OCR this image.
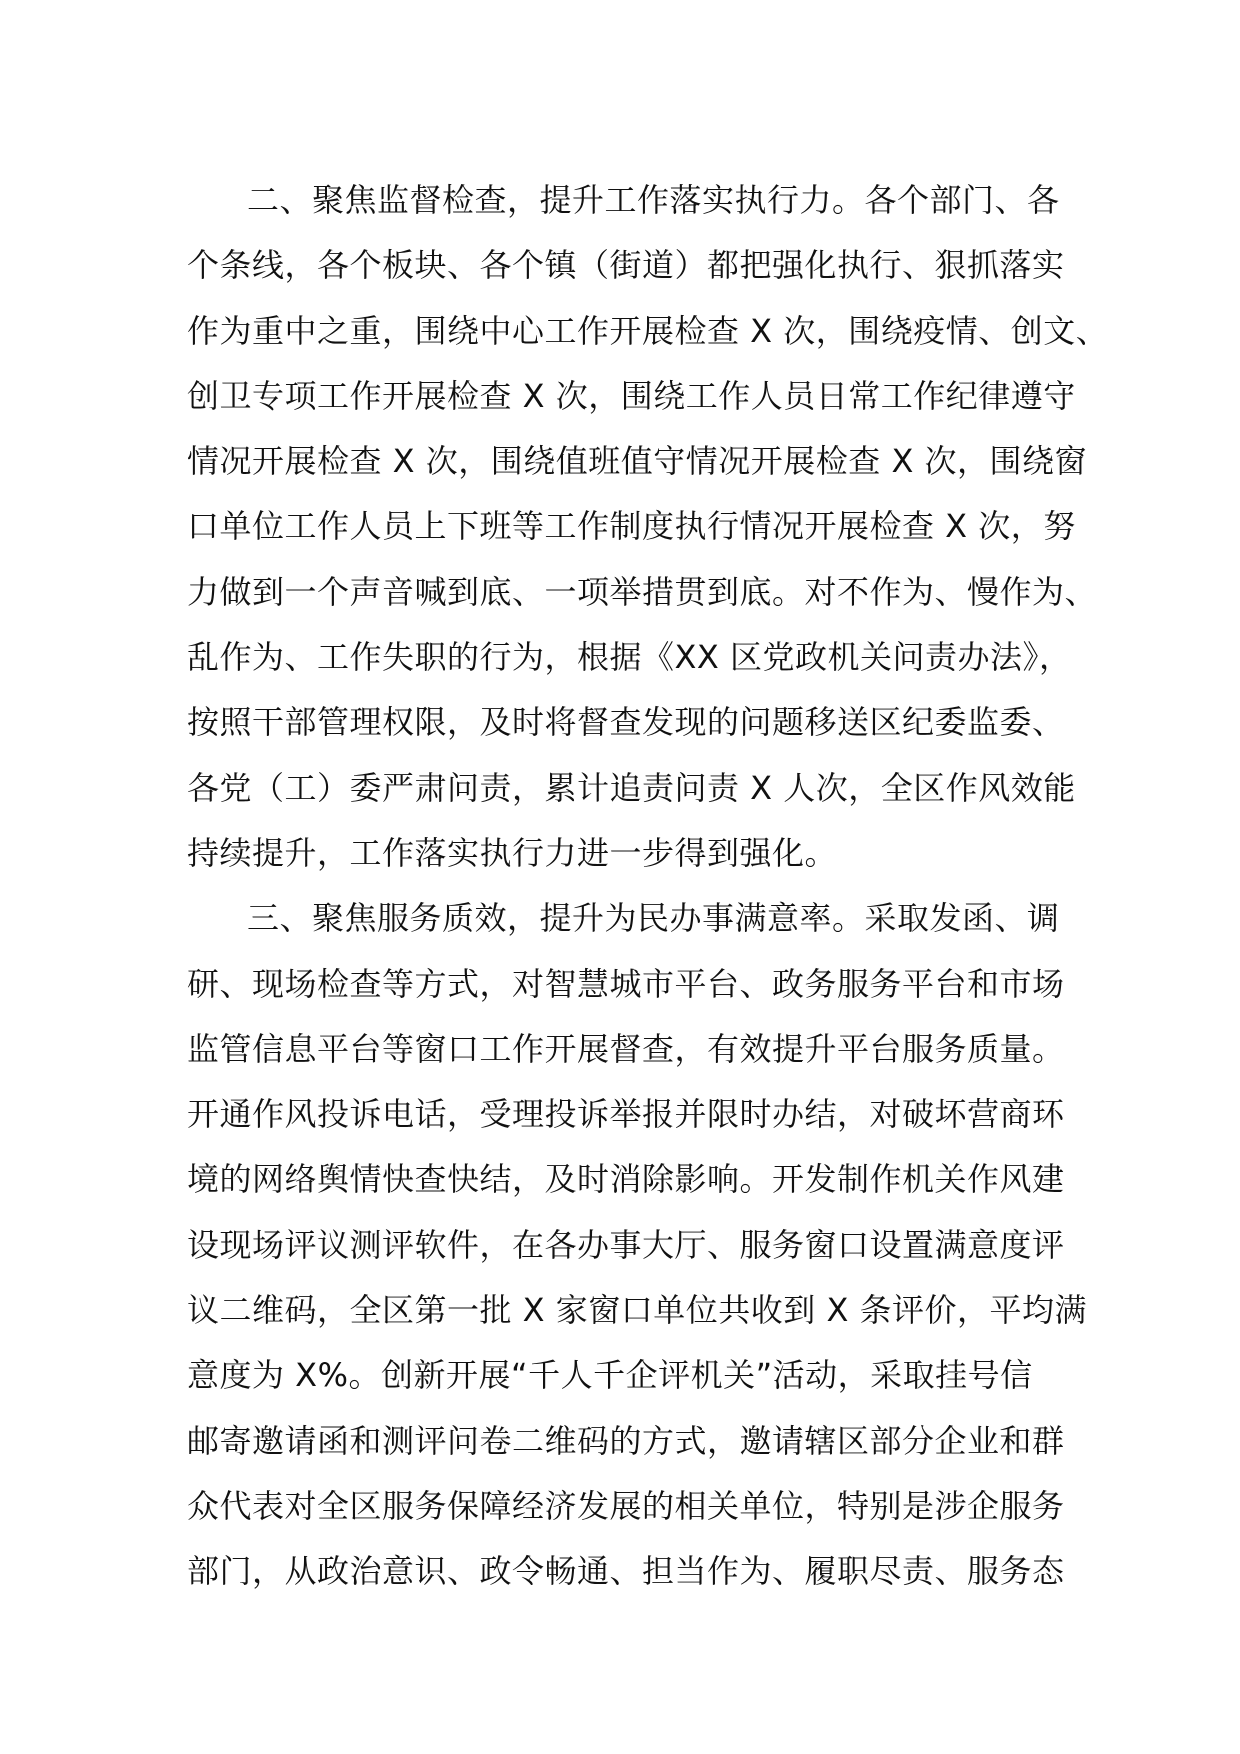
二、聚焦监督检查，提升工作落实执行力。各个部门、各
个条线，各个板块、各个镇（街道）都把强化执行、狠抓落实
作为重中之重，围绕中心工作开展检查 X 次，围绕疫情、创文、
创卫专项工作开展检查 X 次，围绕工作人员日常工作纪律遵守
情况开展检查 X 次，围绕值班值守情况开展检查 X 次，围绕窗
口单位工作人员上下班等工作制度执行情况开展检查 X 次，努
力做到一个声音喊到底、一项举措贯到底。对不作为、慢作为、
乱作为、工作失职的行为，根据《XX 区党政机关问责办法》，
按照干部管理权限，及时将督查发现的问题移送区纪委监委、
各党（工）委严肃问责，累计追责问责 X 人次，全区作风效能
持续提升，工作落实执行力进一步得到强化。
三、聚焦服务质效，提升为民办事满意率。采取发函、调
研、现场检查等方式，对智慧城市平台、政务服务平台和市场
监管信息平台等窗口工作开展督查，有效提升平台服务质量。
开通作风投诉电话，受理投诉举报并限时办结，对破坏营商环
境的网络舆情快查快结，及时消除影响。开发制作机关作风建
设现场评议测评软件，在各办事大厅、服务窗口设置满意度评
议二维码，全区第一批 X 家窗口单位共收到 X 条评价，平均满
意度为 X%。创新开展“千人千企评机关”活动，采取挂号信
邮寄邀请函和测评问卷二维码的方式，邀请辖区部分企业和群
众代表对全区服务保障经济发展的相关单位，特别是涉企服务
部门，从政治意识、政令畅通、担当作为、履职尽责、服务态
